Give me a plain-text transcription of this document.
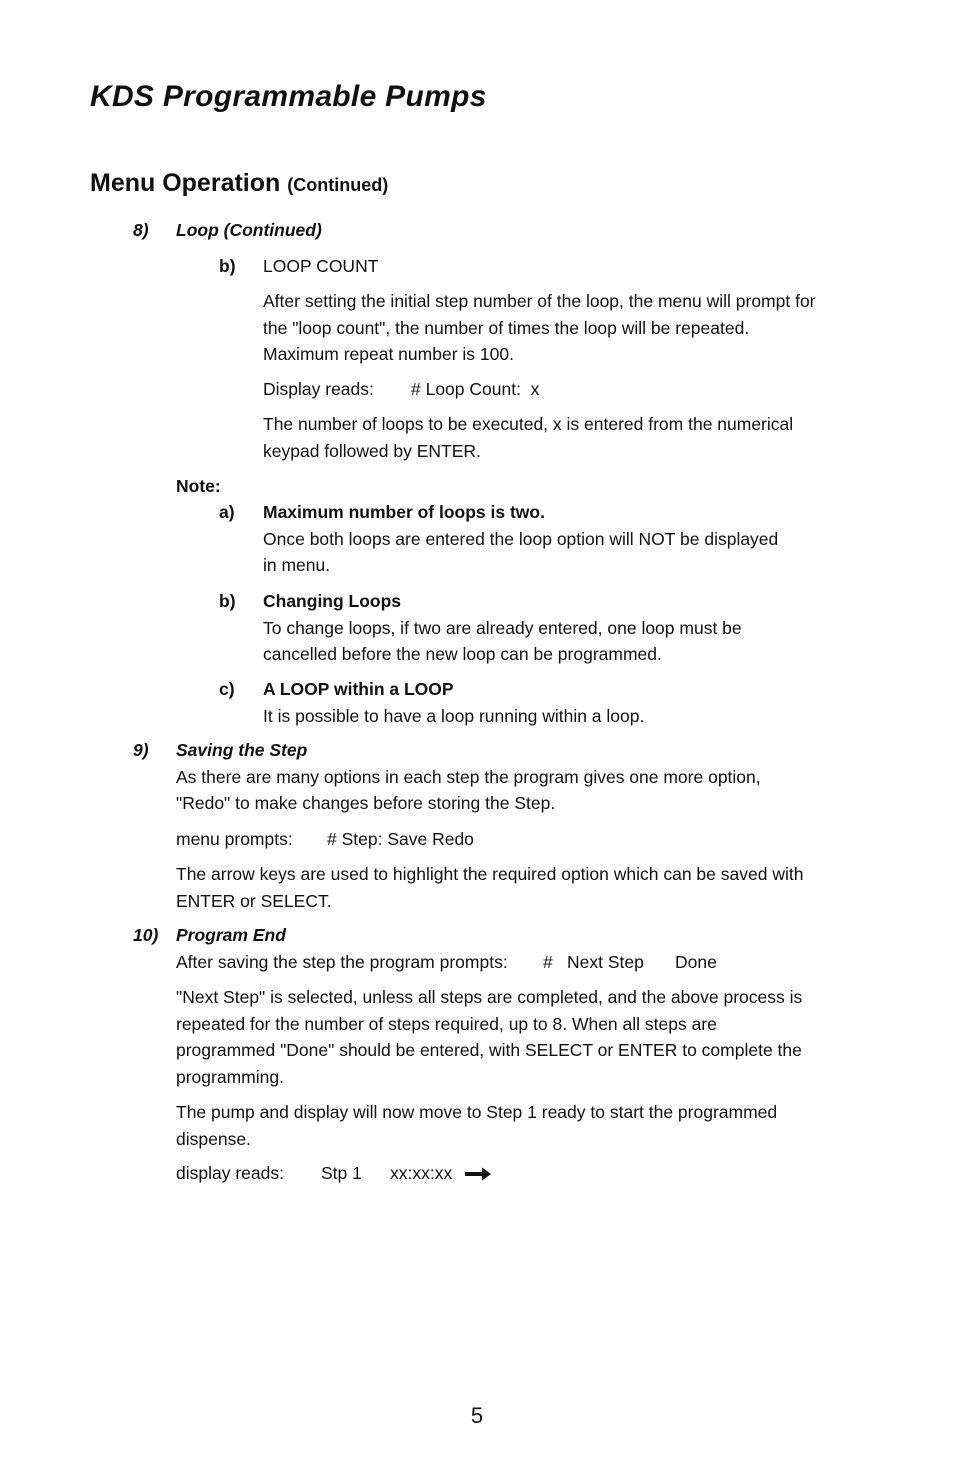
KDS Programmable Pumps
Menu Operation (Continued)
8) Loop (Continued)
b) LOOP COUNT
After setting the initial step number of the loop, the menu will prompt for
the "loop count", the number of times the loop will be repeated.
Maximum repeat number is 100.
Display reads: # Loop Count:  x
The number of loops to be executed, x is entered from the numerical
keypad followed by ENTER.
Note:
a) Maximum number of loops is two.
Once both loops are entered the loop option will NOT be displayed
in menu.
b) Changing Loops
To change loops, if two are already entered, one loop must be
cancelled before the new loop can be programmed.
c) A LOOP within a LOOP
It is possible to have a loop running within a loop.
9) Saving the Step
As there are many options in each step the program gives one more option,
"Redo" to make changes before storing the Step.
menu prompts: # Step: Save Redo
The arrow keys are used to highlight the required option which can be saved with
ENTER or SELECT.
10) Program End
After saving the step the program prompts: # Next Step Done
"Next Step" is selected, unless all steps are completed, and the above process is
repeated for the number of steps required, up to 8. When all steps are
programmed "Done" should be entered, with SELECT or ENTER to complete the
programming.
The pump and display will now move to Step 1 ready to start the programmed
dispense.
display reads: Stp 1 xx:xx:xx
5
